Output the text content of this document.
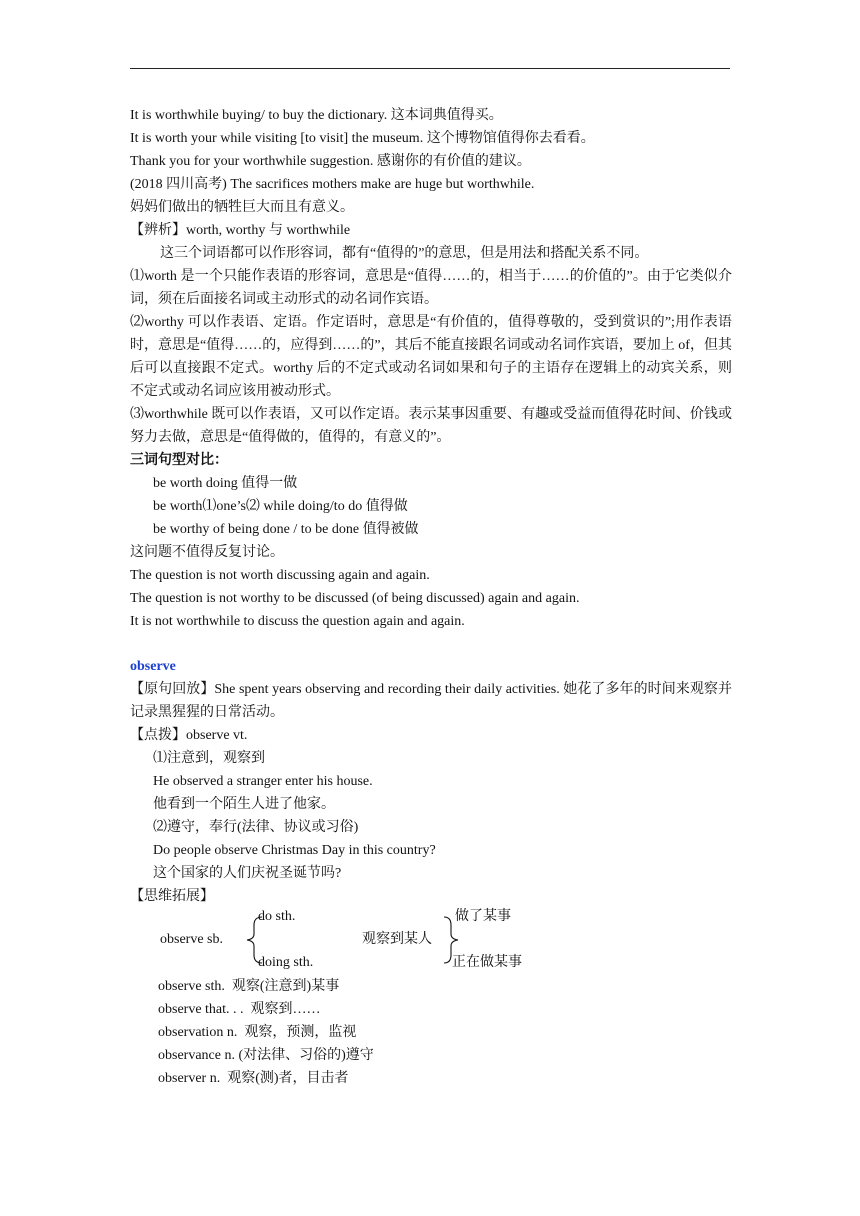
It is worthwhile buying/ to buy the dictionary. 这本词典值得买。
It is worth your while visiting [to visit] the museum. 这个博物馆值得你去看看。
Thank you for your worthwhile suggestion. 感谢你的有价值的建议。
(2018 四川高考) The sacrifices mothers make are huge but worthwhile.
妈妈们做出的牺牲巨大而且有意义。
【辨析】worth, worthy 与 worthwhile
这三个词语都可以作形容词，都有“值得的”的意思，但是用法和搭配关系不同。
⑴worth 是一个只能作表语的形容词，意思是“值得……的，相当于……的价值的”。由于它类似介词，须在后面接名词或主动形式的动名词作宾语。
⑵worthy 可以作表语、定语。作定语时，意思是“有价值的，值得尊敬的，受到赏识的”;用作表语时，意思是“值得……的，应得到……的”，其后不能直接跟名词或动名词作宾语，要加上 of，但其后可以直接跟不定式。worthy 后的不定式或动名词如果和句子的主语存在逻辑上的动宾关系，则不定式或动名词应该用被动形式。
⑶worthwhile 既可以作表语，又可以作定语。表示某事因重要、有趣或受益而值得花时间、价钱或努力去做，意思是“值得做的，值得的，有意义的”。
三词句型对比：
be worth doing 值得一做
be worth⑴one’s⑵ while doing/to do 值得做
be worthy of being done / to be done 值得被做
这问题不值得反复讨论。
The question is not worth discussing again and again.
The question is not worthy to be discussed (of being discussed) again and again.
It is not worthwhile to discuss the question again and again.
observe
【原句回放】She spent years observing and recording their daily activities. 她花了多年的时间来观察并记录黑猩猩的日常活动。
【点拨】observe vt.
⑴注意到，观察到
He observed a stranger enter his house.
他看到一个陌生人进了他家。
⑵遵守，奉行(法律、协议或习俗)
Do people observe Christmas Day in this country?
这个国家的人们庆祝圣诞节吗?
【思维拓展】
do sth.
observe sb.	观察到某人
doing sth.
做了某事
正在做某事
observe sth.  观察(注意到)某事
observe that. . .  观察到……
observation n.  观察，预测，监视
observance n. (对法律、习俗的)遵守
observer n.  观察(测)者，目击者
